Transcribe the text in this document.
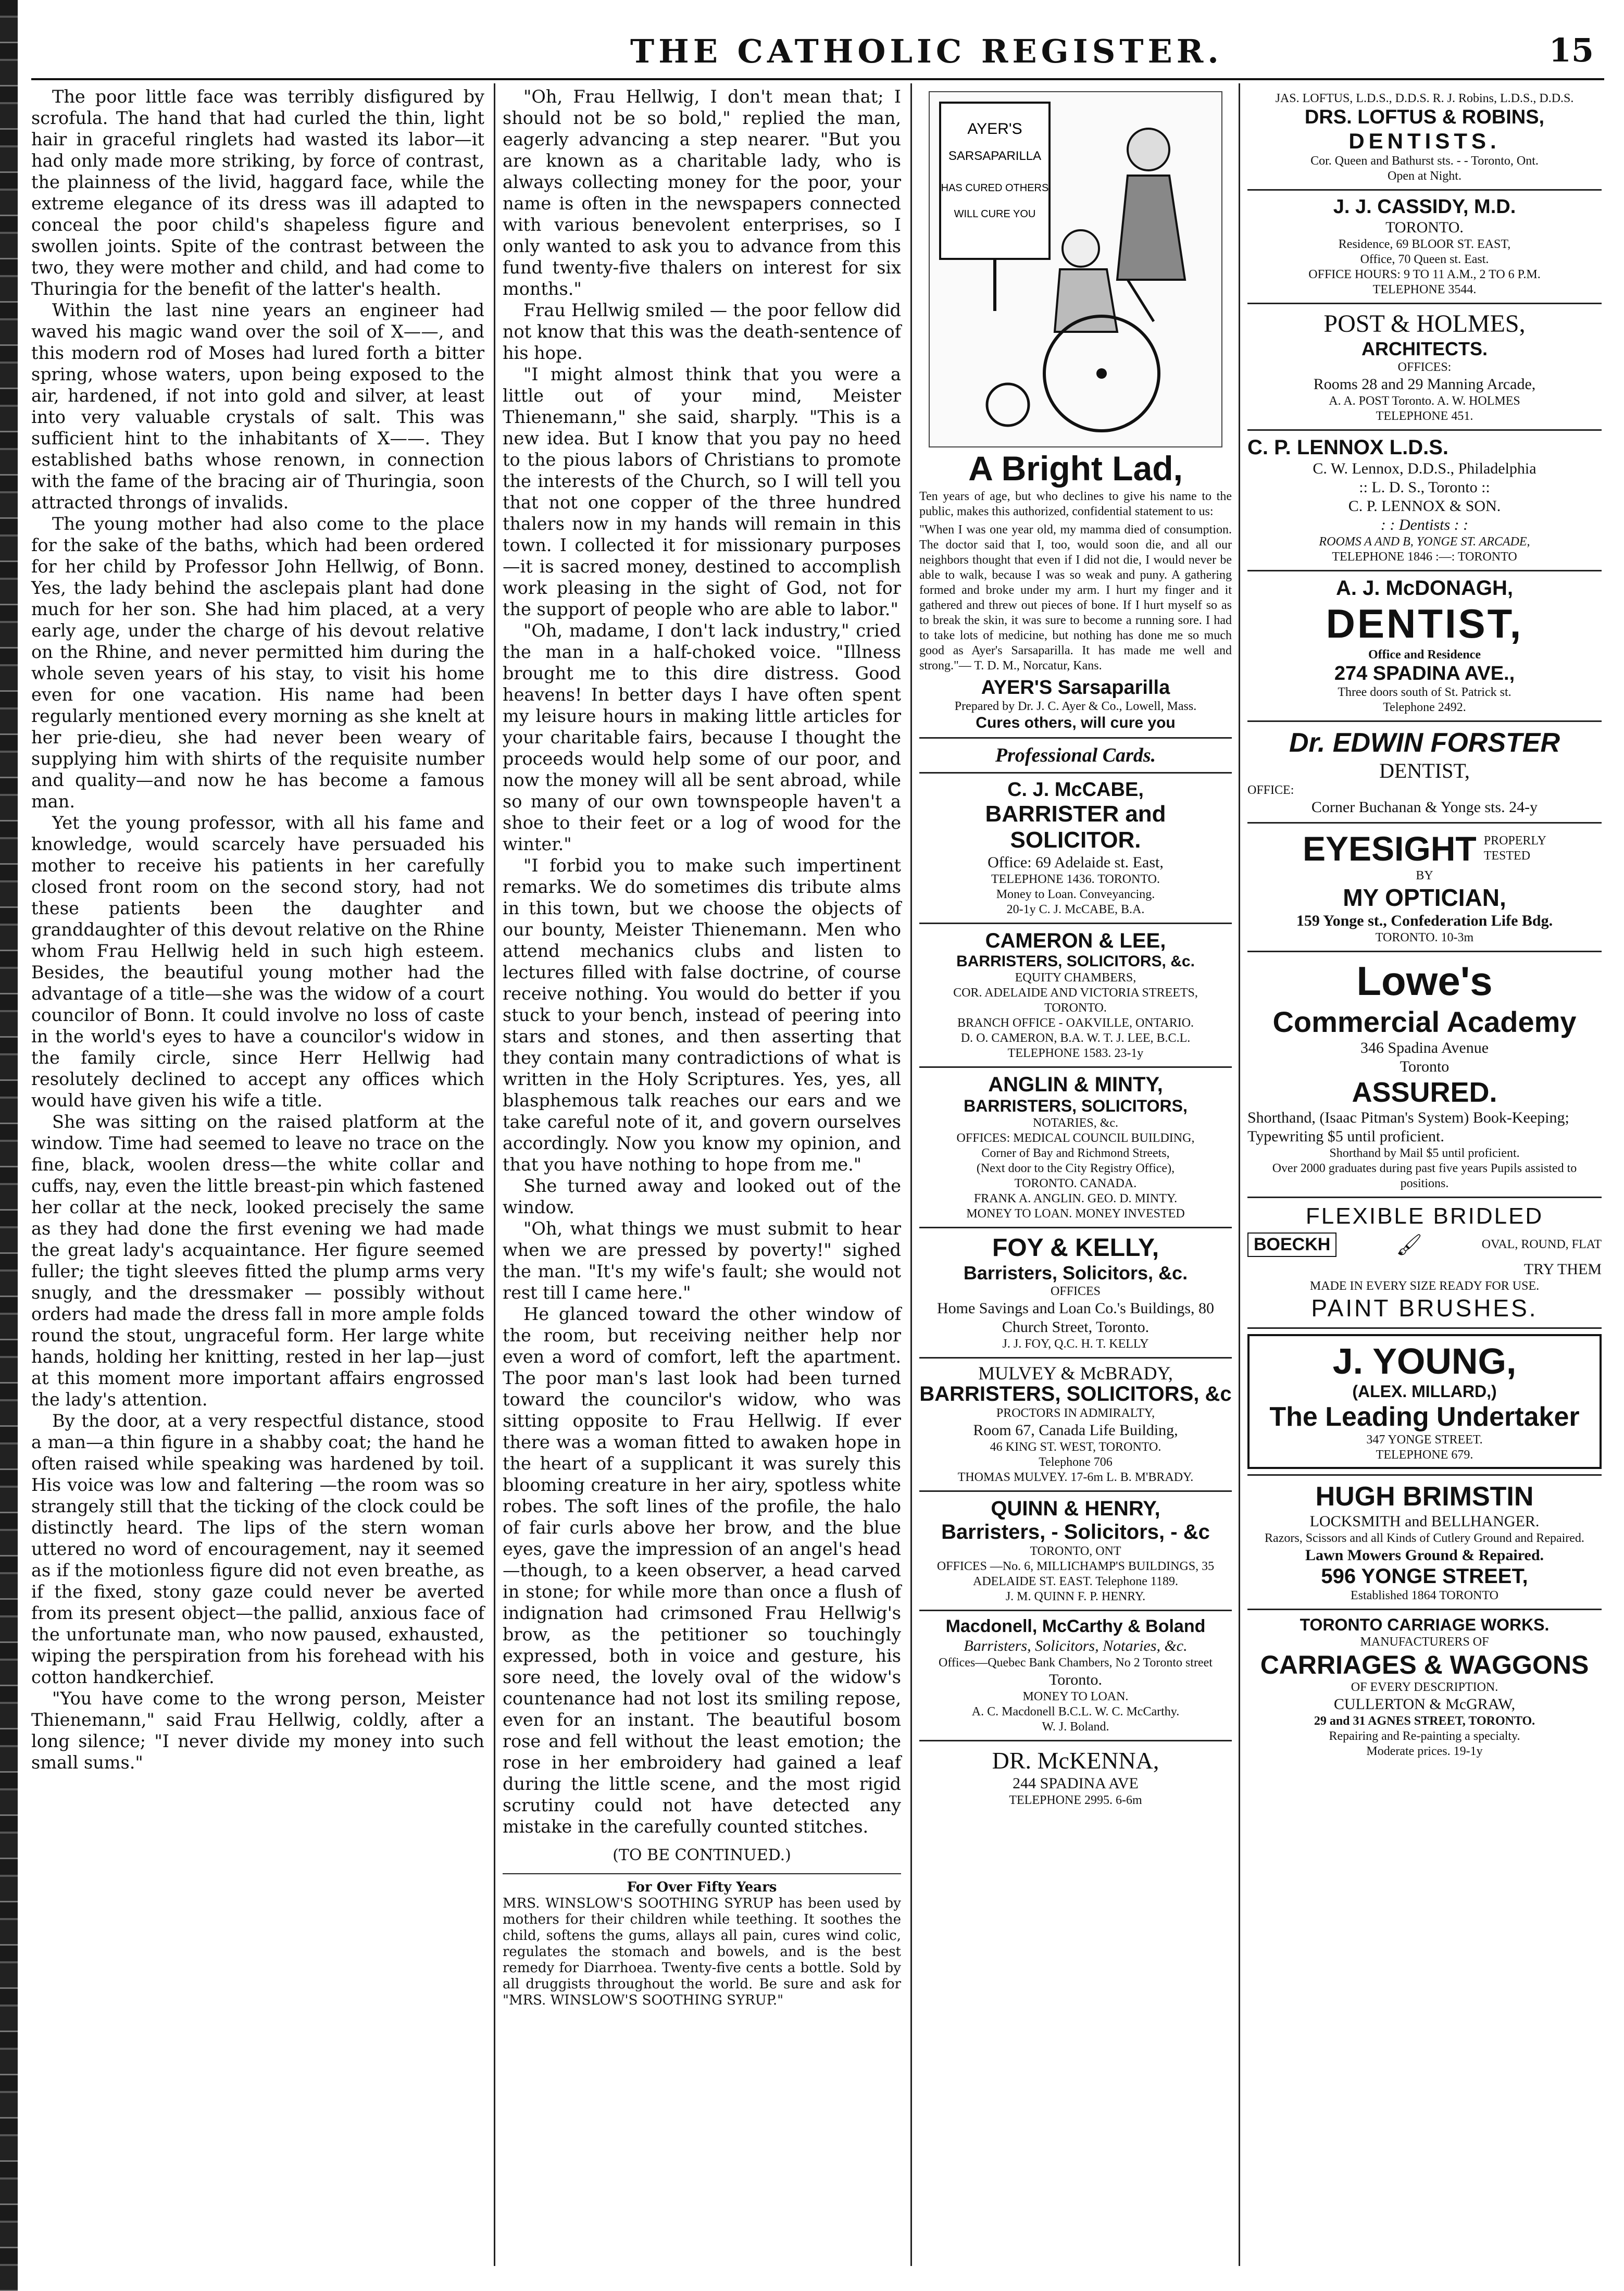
THE CATHOLIC REGISTER.	15

The poor little face was terribly disfigured by scrofula. The hand that had curled the thin, light hair in graceful ringlets had wasted its labor—it had only made more striking, by force of contrast, the plainness of the livid, haggard face, while the extreme elegance of its dress was ill adapted to conceal the poor child's shapeless figure and swollen joints. Spite of the contrast between the two, they were mother and child, and had come to Thuringia for the benefit of the latter's health.

Within the last nine years an engineer had waved his magic wand over the soil of X——, and this modern rod of Moses had lured forth a bitter spring, whose waters, upon being exposed to the air, hardened, if not into gold and silver, at least into very valuable crystals of salt. This was sufficient hint to the inhabitants of X——. They established baths whose renown, in connection with the fame of the bracing air of Thuringia, soon attracted throngs of invalids.

The young mother had also come to the place for the sake of the baths, which had been ordered for her child by Professor John Hellwig, of Bonn. Yes, the lady behind the asclepais plant had done much for her son. She had him placed, at a very early age, under the charge of his devout relative on the Rhine, and never permitted him during the whole seven years of his stay, to visit his home even for one vacation. His name had been regularly mentioned every morning as she knelt at her prie-dieu, she had never been weary of supplying him with shirts of the requisite number and quality—and now he has become a famous man.

Yet the young professor, with all his fame and knowledge, would scarcely have persuaded his mother to receive his patients in her carefully closed front room on the second story, had not these patients been the daughter and granddaughter of this devout relative on the Rhine whom Frau Hellwig held in such high esteem. Besides, the beautiful young mother had the advantage of a title—she was the widow of a court councilor of Bonn. It could involve no loss of caste in the world's eyes to have a councilor's widow in the family circle, since Herr Hellwig had resolutely declined to accept any offices which would have given his wife a title.

She was sitting on the raised platform at the window. Time had seemed to leave no trace on the fine, black, woolen dress—the white collar and cuffs, nay, even the little breast-pin which fastened her collar at the neck, looked precisely the same as they had done the first evening we had made the great lady's acquaintance. Her figure seemed fuller; the tight sleeves fitted the plump arms very snugly, and the dressmaker — possibly without orders had made the dress fall in more ample folds round the stout, ungraceful form. Her large white hands, holding her knitting, rested in her lap—just at this moment more important affairs engrossed the lady's attention.

By the door, at a very respectful distance, stood a man—a thin figure in a shabby coat; the hand he often raised while speaking was hardened by toil. His voice was low and faltering —the room was so strangely still that the ticking of the clock could be distinctly heard. The lips of the stern woman uttered no word of encouragement, nay it seemed as if the motionless figure did not even breathe, as if the fixed, stony gaze could never be averted from its present object—the pallid, anxious face of the unfortunate man, who now paused, exhausted, wiping the perspiration from his forehead with his cotton handkerchief.

"You have come to the wrong person, Meister Thienemann," said Frau Hellwig, coldly, after a long silence; "I never divide my money into such small sums."

"Oh, Frau Hellwig, I don't mean that; I should not be so bold," replied the man, eagerly advancing a step nearer. "But you are known as a charitable lady, who is always collecting money for the poor, your name is often in the newspapers connected with various benevolent enterprises, so I only wanted to ask you to advance from this fund twenty-five thalers on interest for six months."

Frau Hellwig smiled — the poor fellow did not know that this was the death-sentence of his hope.

"I might almost think that you were a little out of your mind, Meister Thienemann," she said, sharply. "This is a new idea. But I know that you pay no heed to the pious labors of Christians to promote the interests of the Church, so I will tell you that not one copper of the three hundred thalers now in my hands will remain in this town. I collected it for missionary purposes—it is sacred money, destined to accomplish work pleasing in the sight of God, not for the support of people who are able to labor."

"Oh, madame, I don't lack industry," cried the man in a half-choked voice. "Illness brought me to this dire distress. Good heavens! In better days I have often spent my leisure hours in making little articles for your charitable fairs, because I thought the proceeds would help some of our poor, and now the money will all be sent abroad, while so many of our own townspeople haven't a shoe to their feet or a log of wood for the winter."

"I forbid you to make such impertinent remarks. We do sometimes dis tribute alms in this town, but we choose the objects of our bounty, Meister Thienemann. Men who attend mechanics clubs and listen to lectures filled with false doctrine, of course receive nothing. You would do better if you stuck to your bench, instead of peering into stars and stones, and then asserting that they contain many contradictions of what is written in the Holy Scriptures. Yes, yes, all blasphemous talk reaches our ears and we take careful note of it, and govern ourselves accordingly. Now you know my opinion, and that you have nothing to hope from me."

She turned away and looked out of the window.

"Oh, what things we must submit to hear when we are pressed by poverty!" sighed the man. "It's my wife's fault; she would not rest till I came here."

He glanced toward the other window of the room, but receiving neither help nor even a word of comfort, left the apartment. The poor man's last look had been turned toward the councilor's widow, who was sitting opposite to Frau Hellwig. If ever there was a woman fitted to awaken hope in the heart of a supplicant it was surely this blooming creature in her airy, spotless white robes. The soft lines of the profile, the halo of fair curls above her brow, and the blue eyes, gave the impression of an angel's head—though, to a keen observer, a head carved in stone; for while more than once a flush of indignation had crimsoned Frau Hellwig's brow, as the petitioner so touchingly expressed, both in voice and gesture, his sore need, the lovely oval of the widow's countenance had not lost its smiling repose, even for an instant. The beautiful bosom rose and fell without the least emotion; the rose in her embroidery had gained a leaf during the little scene, and the most rigid scrutiny could not have detected any mistake in the carefully counted stitches.

(TO BE CONTINUED.)
For Over Fifty Years
MRS. WINSLOW'S SOOTHING SYRUP has been used by mothers for their children while teething. It soothes the child, softens the gums, allays all pain, cures wind colic, regulates the stomach and bowels, and is the best remedy for Diarrhoea. Twenty-five cents a bottle. Sold by all druggists throughout the world. Be sure and ask for "MRS. WINSLOW'S SOOTHING SYRUP."
AYER'S
SARSAPARILLA
HAS CURED OTHERS
WILL CURE YOU
A Bright Lad,
Ten years of age, but who declines to give his name to the public, makes this authorized, confidential statement to us:
"When I was one year old, my mamma died of consumption. The doctor said that I, too, would soon die, and all our neighbors thought that even if I did not die, I would never be able to walk, because I was so weak and puny. A gathering formed and broke under my arm. I hurt my finger and it gathered and threw out pieces of bone. If I hurt myself so as to break the skin, it was sure to become a running sore. I had to take lots of medicine, but nothing has done me so much good as Ayer's Sarsaparilla. It has made me well and strong."— T. D. M., Norcatur, Kans.
AYER'S Sarsaparilla
Prepared by Dr. J. C. Ayer & Co., Lowell, Mass.
Cures others, will cure you
Professional Cards.
C. J. McCABE,
BARRISTER and SOLICITOR.
Office: 69 Adelaide st. East,
TELEPHONE 1436. TORONTO.
Money to Loan. Conveyancing.
20-1y C. J. McCABE, B.A.
CAMERON & LEE,
BARRISTERS, SOLICITORS, &c.
EQUITY CHAMBERS,
COR. ADELAIDE AND VICTORIA STREETS,
TORONTO.
BRANCH OFFICE - OAKVILLE, ONTARIO.
D. O. CAMERON, B.A. W. T. J. LEE, B.C.L.
TELEPHONE 1583. 23-1y
ANGLIN & MINTY,
BARRISTERS, SOLICITORS,
NOTARIES, &c.
OFFICES: MEDICAL COUNCIL BUILDING,
Corner of Bay and Richmond Streets,
(Next door to the City Registry Office),
TORONTO. CANADA.
FRANK A. ANGLIN. GEO. D. MINTY.
MONEY TO LOAN. MONEY INVESTED
FOY & KELLY,
Barristers, Solicitors, &c.
OFFICES
Home Savings and Loan Co.'s Buildings, 80 Church Street, Toronto.
J. J. FOY, Q.C. H. T. KELLY
MULVEY & McBRADY,
BARRISTERS, SOLICITORS, &c
PROCTORS IN ADMIRALTY,
Room 67, Canada Life Building,
46 KING ST. WEST, TORONTO.
Telephone 706
THOMAS MULVEY. 17-6m L. B. M'BRADY.
QUINN & HENRY,
Barristers, - Solicitors, - &c
TORONTO, ONT
OFFICES —No. 6, MILLICHAMP'S BUILDINGS, 35 ADELAIDE ST. EAST. Telephone 1189.
J. M. QUINN F. P. HENRY.
Macdonell, McCarthy & Boland
Barristers, Solicitors, Notaries, &c.
Offices—Quebec Bank Chambers, No 2 Toronto street
Toronto.
MONEY TO LOAN.
A. C. Macdonell B.C.L. W. C. McCarthy.
W. J. Boland.
DR. McKENNA,
244 SPADINA AVE
TELEPHONE 2995. 6-6m
JAS. LOFTUS, L.D.S., D.D.S. R. J. Robins, L.D.S., D.D.S.
DRS. LOFTUS & ROBINS,
DENTISTS.
Cor. Queen and Bathurst sts. - - Toronto, Ont.
Open at Night.
J. J. CASSIDY, M.D.
TORONTO.
Residence, 69 BLOOR ST. EAST,
Office, 70 Queen st. East.
OFFICE HOURS: 9 TO 11 A.M., 2 TO 6 P.M.
TELEPHONE 3544.
POST & HOLMES,
ARCHITECTS.
OFFICES:
Rooms 28 and 29 Manning Arcade,
A. A. POST Toronto. A. W. HOLMES
TELEPHONE 451.
C. P. LENNOX L.D.S.
C. W. Lennox, D.D.S., Philadelphia
:: L. D. S., Toronto ::
C. P. LENNOX & SON.
: : Dentists : :
ROOMS A AND B, YONGE ST. ARCADE,
TELEPHONE 1846 :—: TORONTO
A. J. McDONAGH,
DENTIST,
Office and Residence
274 SPADINA AVE.,
Three doors south of St. Patrick st.
Telephone 2492.
Dr. EDWIN FORSTER
DENTIST,
OFFICE:
Corner Buchanan & Yonge sts. 24-y
EYESIGHT PROPERLY
TESTED
BY
MY OPTICIAN,
159 Yonge st., Confederation Life Bdg.
TORONTO. 10-3m
Lowe's
Commercial Academy
346 Spadina Avenue
Toronto
ASSURED.
Shorthand, (Isaac Pitman's System) Book-Keeping; Typewriting $5 until proficient.
Shorthand by Mail $5 until proficient.
Over 2000 graduates during past five years Pupils assisted to positions.
FLEXIBLE BRIDLED
BOECKH	🖌	OVAL, ROUND, FLAT
TRY THEM
MADE IN EVERY SIZE READY FOR USE.
PAINT BRUSHES.
J. YOUNG,
(ALEX. MILLARD,)
The Leading Undertaker
347 YONGE STREET.
TELEPHONE 679.
HUGH BRIMSTIN
LOCKSMITH and BELLHANGER.
Razors, Scissors and all Kinds of Cutlery Ground and Repaired.
Lawn Mowers Ground & Repaired.
596 YONGE STREET,
Established 1864 TORONTO
TORONTO CARRIAGE WORKS.
MANUFACTURERS OF
CARRIAGES & WAGGONS
OF EVERY DESCRIPTION.
CULLERTON & McGRAW,
29 and 31 AGNES STREET, TORONTO.
Repairing and Re-painting a specialty.
Moderate prices. 19-1y
